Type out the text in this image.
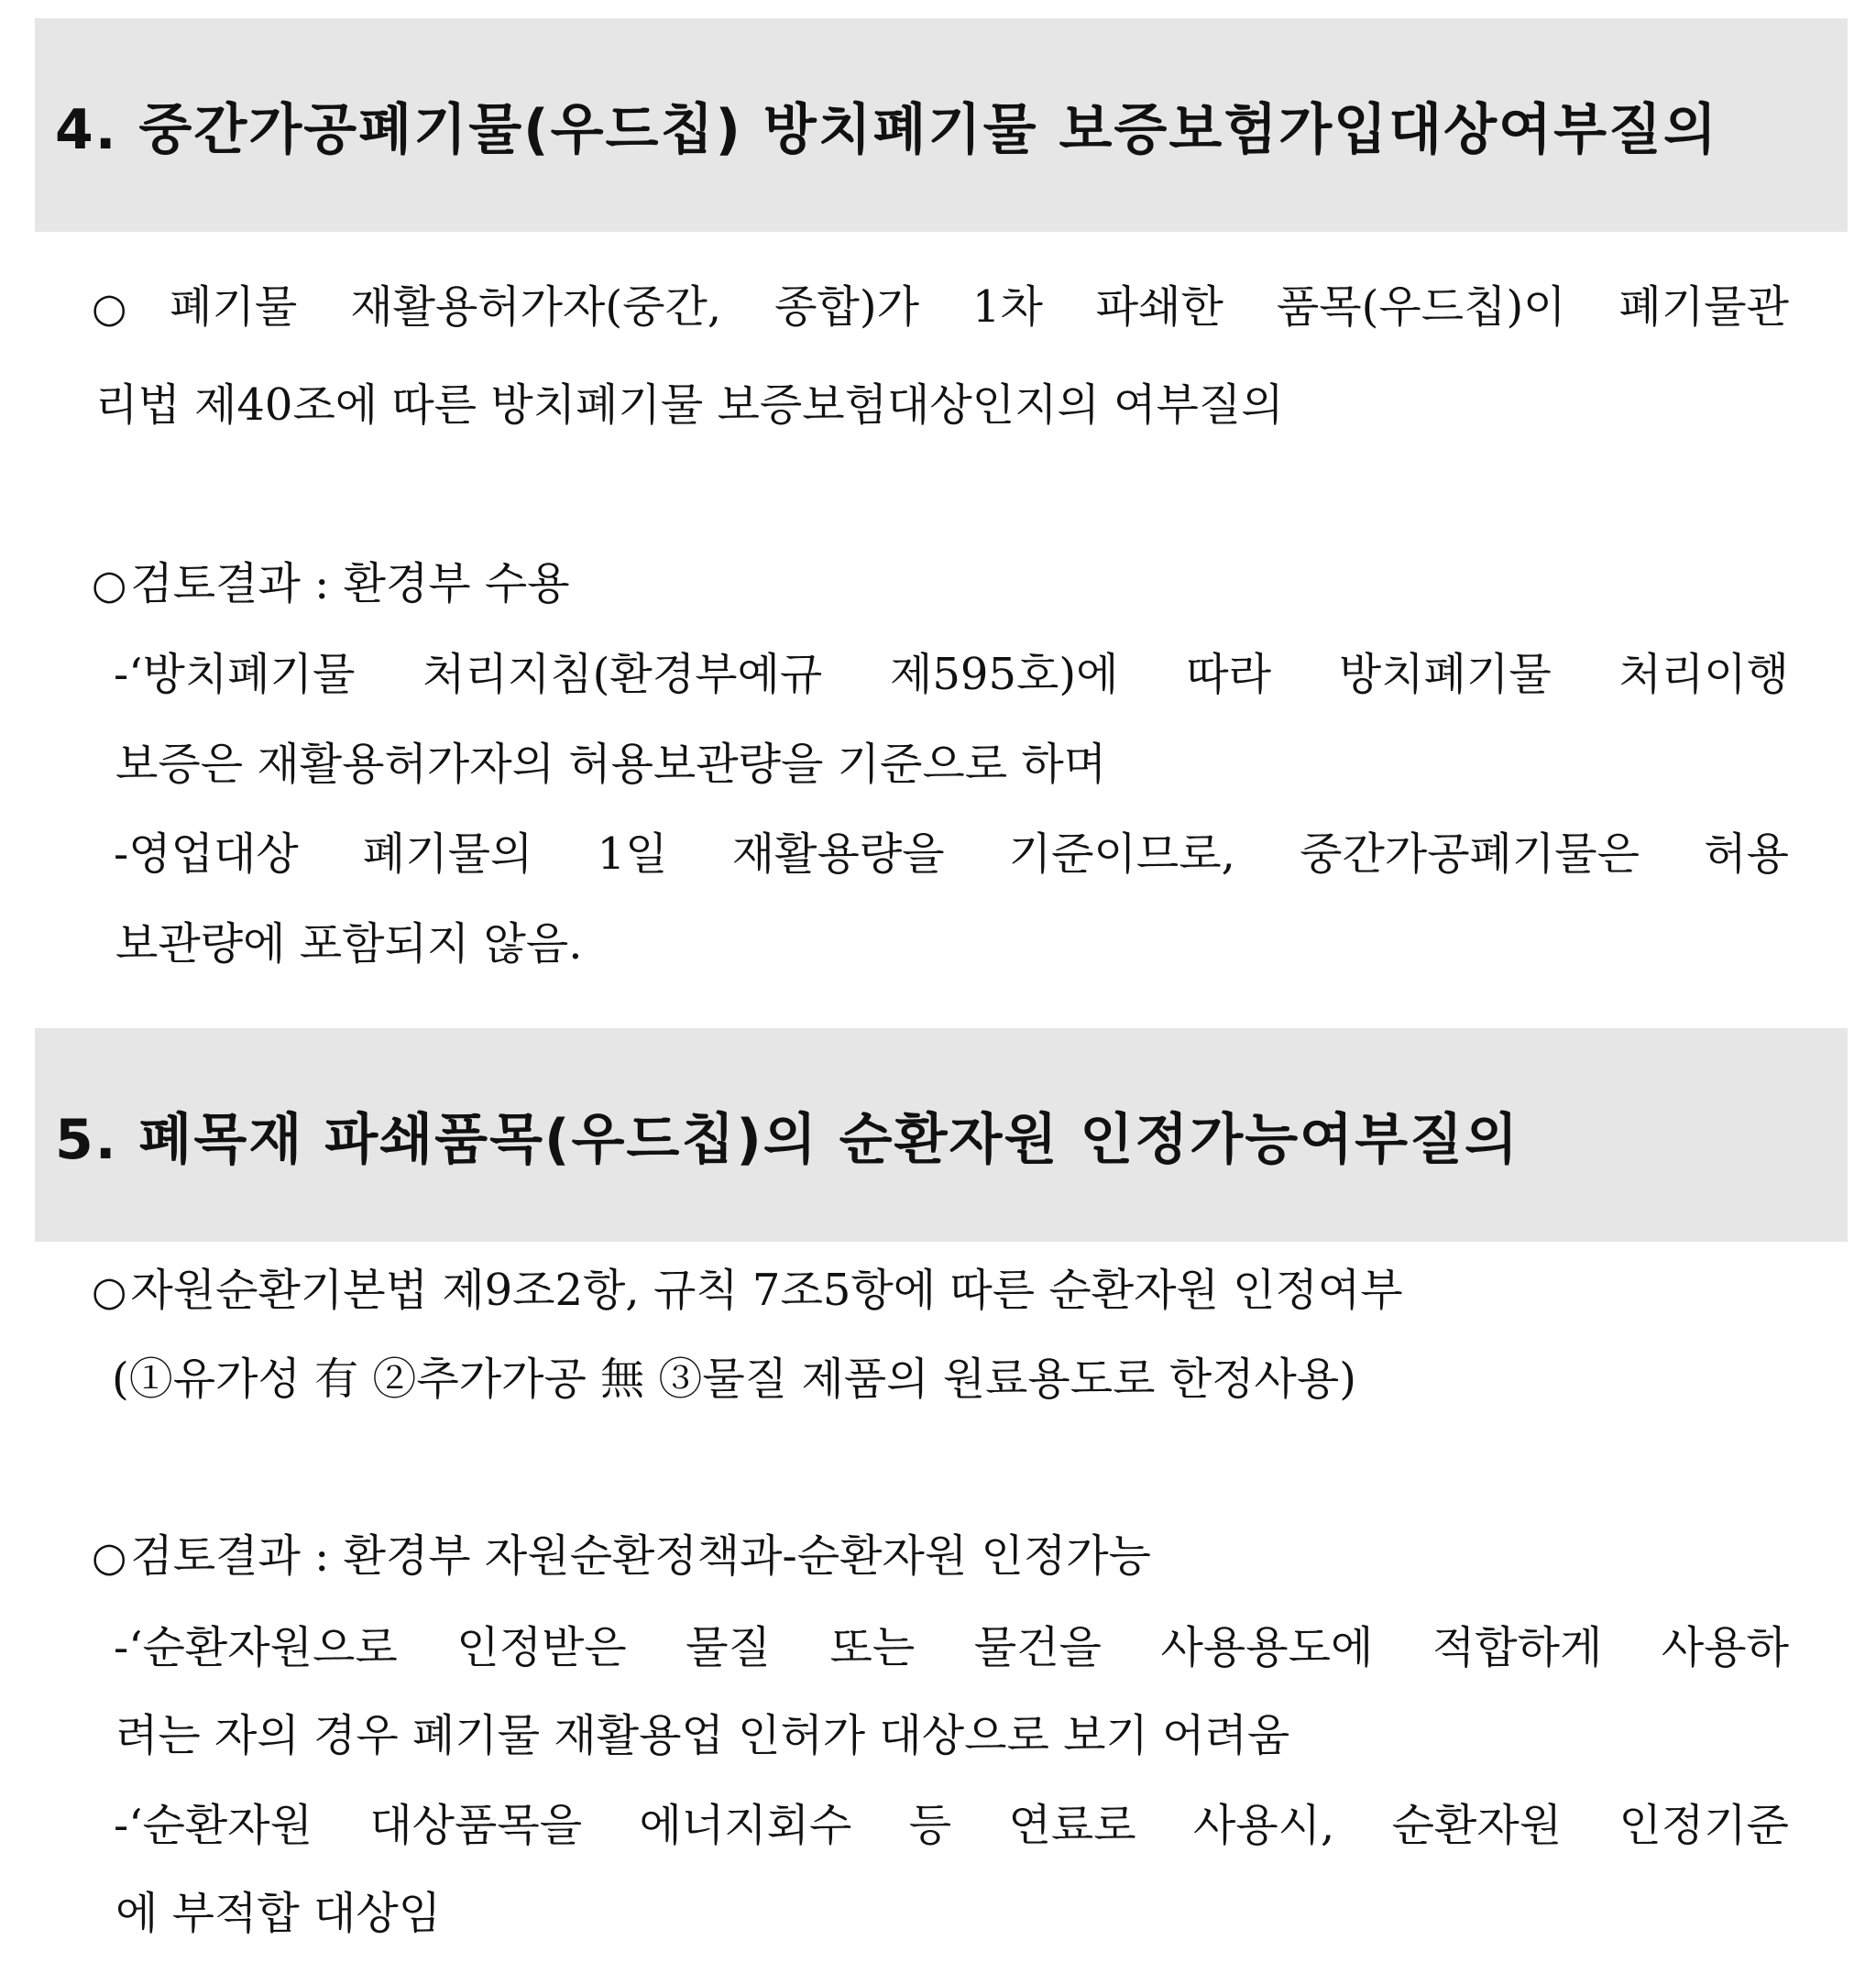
4. 중간가공폐기물(우드칩) 방치폐기물 보증보험가입대상여부질의
○폐기물 재활용허가자(중간, 종합)가 1차 파쇄한 품목(우드칩)이 폐기물관
리법 제40조에 따른 방치폐기물 보증보험대상인지의 여부질의
○검토결과 : 환경부 수용
-‘방치폐기물 처리지침(환경부예규 제595호)에 따라 방치폐기물 처리이행
보증은 재활용허가자의 허용보관량을 기준으로 하며
-영업대상 폐기물의 1일 재활용량을 기준이므로, 중간가공폐기물은 허용
보관량에 포함되지 않음.
5. 폐목재 파쇄품목(우드칩)의 순환자원 인정가능여부질의
○자원순환기본법 제9조2항, 규칙 7조5항에 따른 순환자원 인정여부
(①유가성 有 ②추가가공 無 ③물질 제품의 원료용도로 한정사용)
○검토결과 : 환경부 자원순환정책과-순환자원 인정가능
-‘순환자원으로 인정받은 물질 또는 물건을 사용용도에 적합하게 사용하
려는 자의 경우 폐기물 재활용업 인허가 대상으로 보기 어려움
-‘순환자원 대상품목을 에너지회수 등 연료로 사용시, 순환자원 인정기준
에 부적합 대상임
